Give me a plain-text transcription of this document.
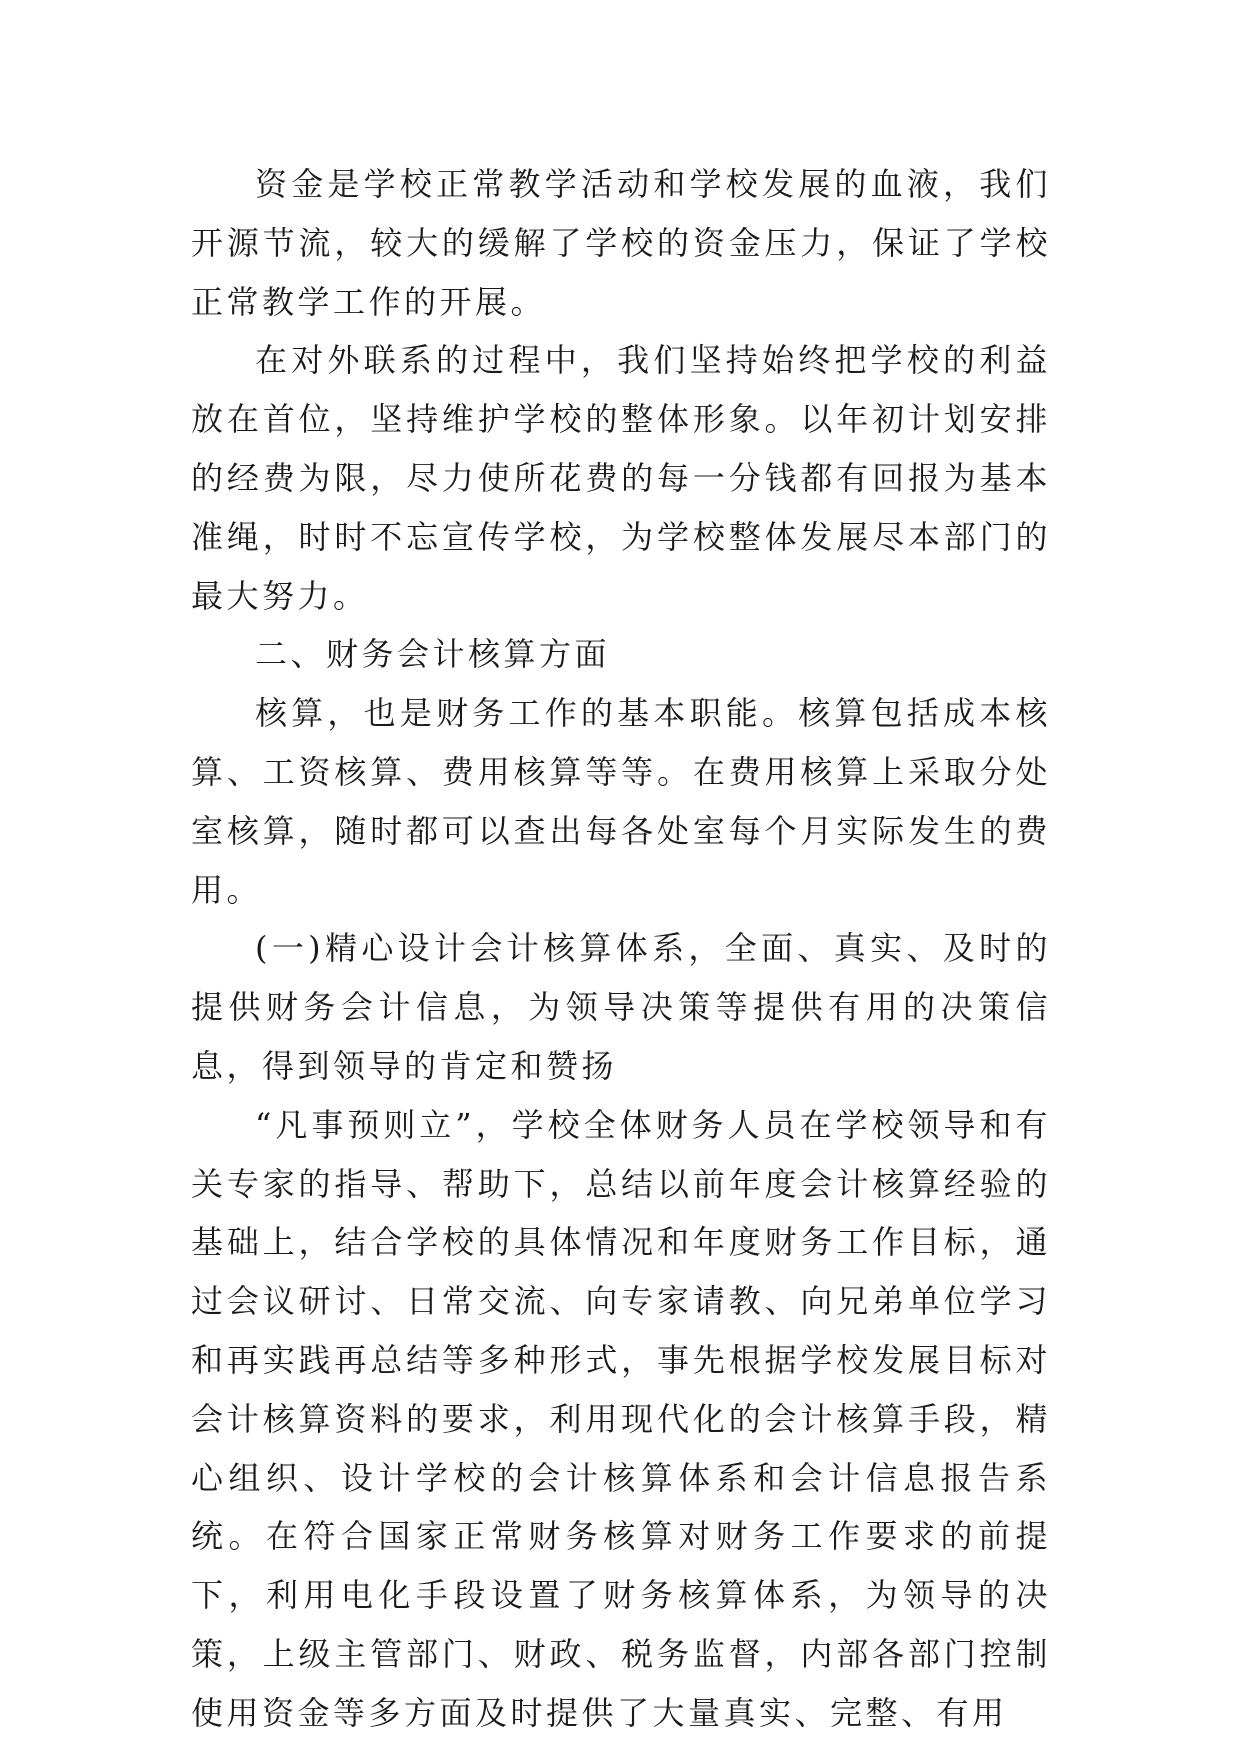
资金是学校正常教学活动和学校发展的血液，我们开源节流，较大的缓解了学校的资金压力，保证了学校正常教学工作的开展。

在对外联系的过程中，我们坚持始终把学校的利益放在首位，坚持维护学校的整体形象。以年初计划安排的经费为限，尽力使所花费的每一分钱都有回报为基本准绳，时时不忘宣传学校，为学校整体发展尽本部门的最大努力。

二、财务会计核算方面

核算，也是财务工作的基本职能。核算包括成本核算、工资核算、费用核算等等。在费用核算上采取分处室核算，随时都可以查出每各处室每个月实际发生的费用。

(一)精心设计会计核算体系，全面、真实、及时的提供财务会计信息，为领导决策等提供有用的决策信息，得到领导的肯定和赞扬

“凡事预则立”，学校全体财务人员在学校领导和有关专家的指导、帮助下，总结以前年度会计核算经验的基础上，结合学校的具体情况和年度财务工作目标，通过会议研讨、日常交流、向专家请教、向兄弟单位学习和再实践再总结等多种形式，事先根据学校发展目标对会计核算资料的要求，利用现代化的会计核算手段，精心组织、设计学校的会计核算体系和会计信息报告系统。在符合国家正常财务核算对财务工作要求的前提下，利用电化手段设置了财务核算体系，为领导的决策，上级主管部门、财政、税务监督，内部各部门控制使用资金等多方面及时提供了大量真实、完整、有用
